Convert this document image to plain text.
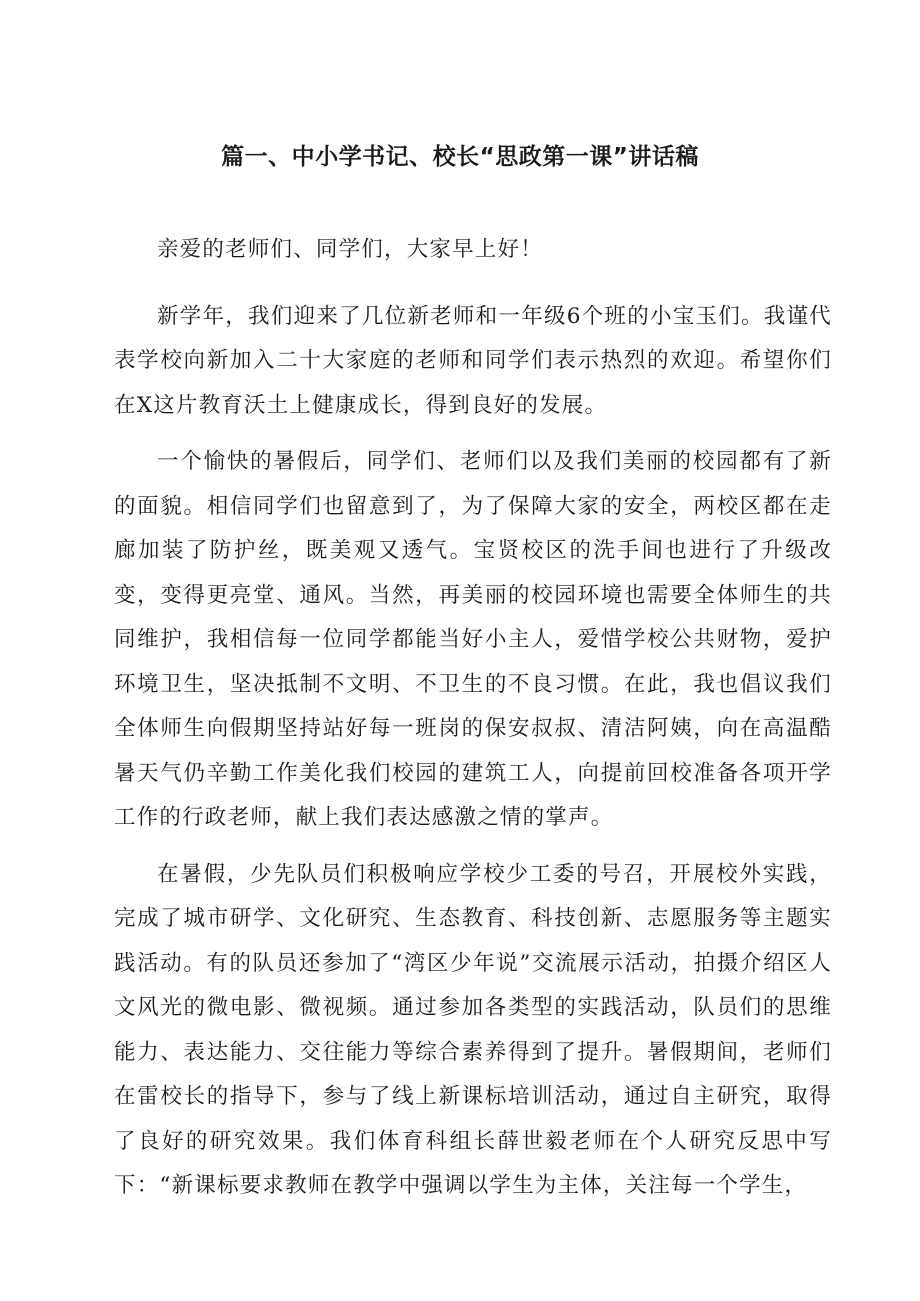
篇一、中小学书记、校长“思政第一课”讲话稿

亲爱的老师们、同学们，大家早上好！

新学年，我们迎来了几位新老师和一年级6个班的小宝玉们。我谨代表学校向新加入二十大家庭的老师和同学们表示热烈的欢迎。希望你们在X这片教育沃土上健康成长，得到良好的发展。

一个愉快的暑假后，同学们、老师们以及我们美丽的校园都有了新的面貌。相信同学们也留意到了，为了保障大家的安全，两校区都在走廊加装了防护丝，既美观又透气。宝贤校区的洗手间也进行了升级改变，变得更亮堂、通风。当然，再美丽的校园环境也需要全体师生的共同维护，我相信每一位同学都能当好小主人，爱惜学校公共财物，爱护环境卫生，坚决抵制不文明、不卫生的不良习惯。在此，我也倡议我们全体师生向假期坚持站好每一班岗的保安叔叔、清洁阿姨，向在高温酷暑天气仍辛勤工作美化我们校园的建筑工人，向提前回校准备各项开学工作的行政老师，献上我们表达感激之情的掌声。

在暑假，少先队员们积极响应学校少工委的号召，开展校外实践，完成了城市研学、文化研究、生态教育、科技创新、志愿服务等主题实践活动。有的队员还参加了“湾区少年说”交流展示活动，拍摄介绍区人文风光的微电影、微视频。通过参加各类型的实践活动，队员们的思维能力、表达能力、交往能力等综合素养得到了提升。暑假期间，老师们在雷校长的指导下，参与了线上新课标培训活动，通过自主研究，取得了良好的研究效果。我们体育科组长薛世毅老师在个人研究反思中写下：“新课标要求教师在教学中强调以学生为主体，关注每一个学生，
